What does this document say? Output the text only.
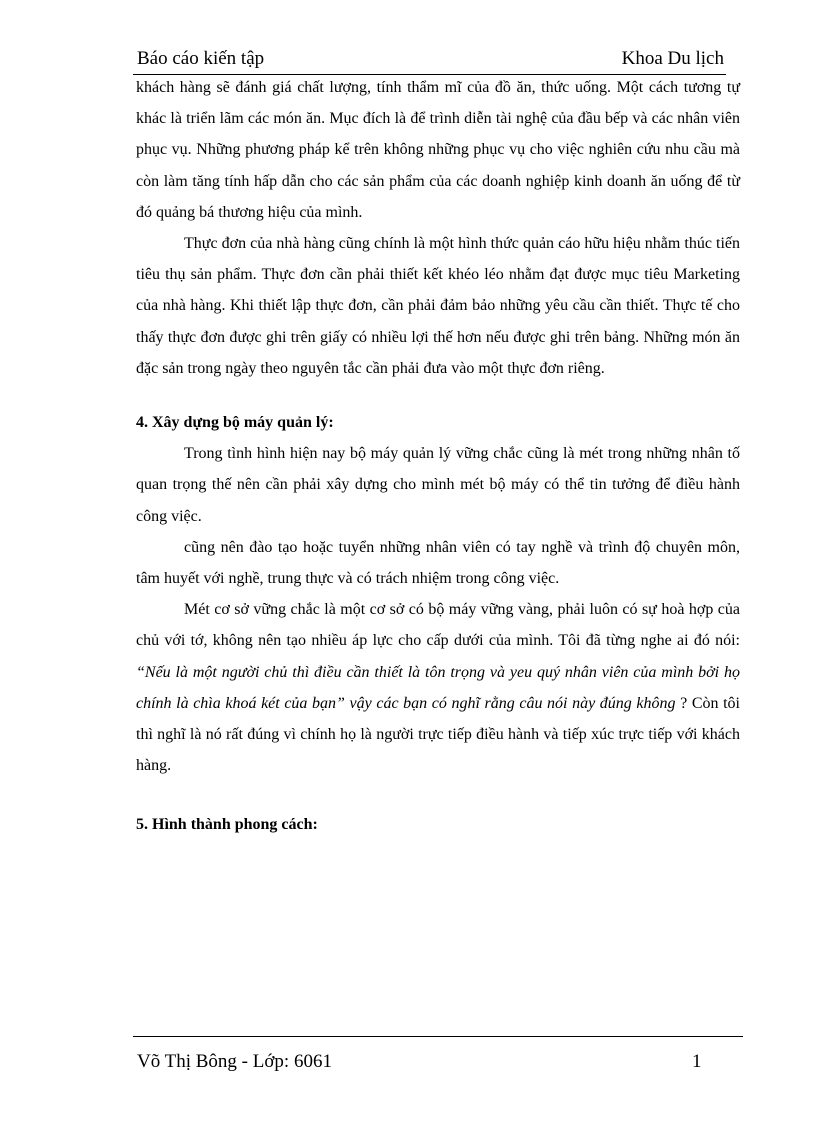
Báo cáo kiến tập	Khoa Du lịch

khách hàng sẽ đánh giá chất lượng, tính thẩm mĩ của đồ ăn, thức uống. Một cách tương tự khác là triển lãm các món ăn. Mục đích là để trình diễn tài nghệ của đầu bếp và các nhân viên phục vụ. Những phương pháp kể trên không những phục vụ cho việc nghiên cứu nhu cầu mà còn làm tăng tính hấp dẫn cho các sản phẩm của các doanh nghiệp kinh doanh ăn uống để từ đó quảng bá thương hiệu của mình.

Thực đơn của nhà hàng cũng chính là một hình thức quản cáo hữu hiệu nhằm thúc tiến tiêu thụ sản phẩm. Thực đơn cần phải thiết kết khéo léo nhằm đạt được mục tiêu Marketing của nhà hàng. Khi thiết lập thực đơn, cần phải đảm bảo những yêu cầu cần thiết. Thực tế cho thấy thực đơn được ghi trên giấy có nhiều lợi thế hơn nếu được ghi trên bảng. Những món ăn đặc sản trong ngày theo nguyên tắc cần phải đưa vào một thực đơn riêng.

4. Xây dựng bộ máy quản lý:

Trong tình hình hiện nay bộ máy quản lý vững chắc cũng là mét trong những nhân tố quan trọng thế nên cần phải xây dựng cho mình mét bộ máy có thể tin tưởng để điều hành công việc.

cũng nên đào tạo hoặc tuyển những nhân viên có tay nghề và trình độ chuyên môn, tâm huyết với nghề, trung thực và có trách nhiệm trong công việc.

Mét cơ sở vững chắc là một cơ sở có bộ máy vững vàng, phải luôn có sự hoà hợp của chủ với tớ, không nên tạo nhiều áp lực cho cấp dưới của mình. Tôi đã từng nghe ai đó nói: “Nếu là một người chủ thì điều cần thiết là tôn trọng và yeu quý nhân viên của mình bởi họ chính là chìa khoá két của bạn” vậy các bạn có nghĩ rằng câu nói này đúng không ? Còn tôi thì nghĩ là nó rất đúng vì chính họ là người trực tiếp điều hành và tiếp xúc trực tiếp với khách hàng.

5. Hình thành phong cách:

Võ Thị Bông - Lớp: 6061	1
